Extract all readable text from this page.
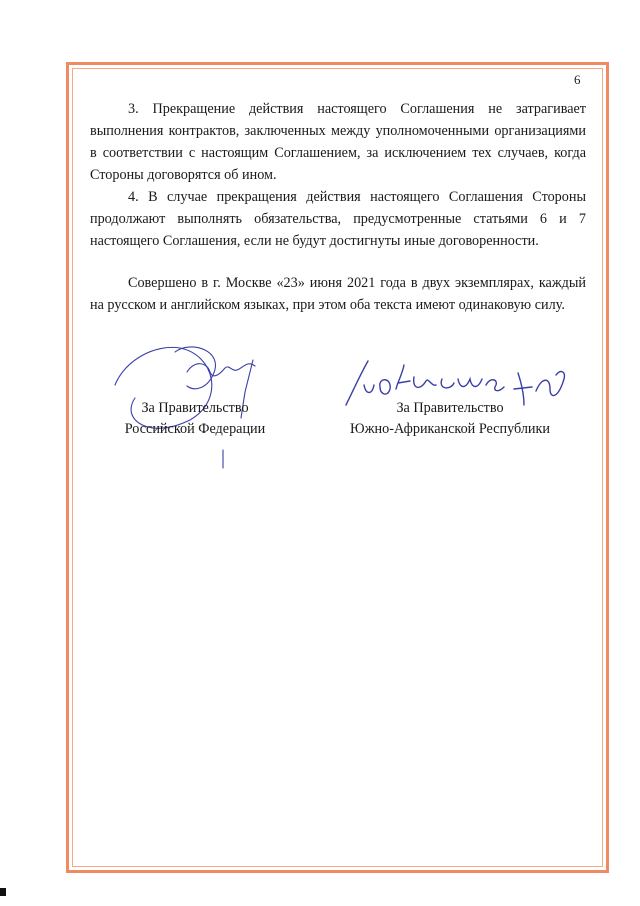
6

3. Прекращение действия настоящего Соглашения не затрагивает выполнения контрактов, заключенных между уполномоченными организациями в соответствии с настоящим Соглашением, за исключением тех случаев, когда Стороны договорятся об ином.

4. В случае прекращения действия настоящего Соглашения Стороны продолжают выполнять обязательства, предусмотренные статьями 6 и 7 настоящего Соглашения, если не будут достигнуты иные договоренности.

Совершено в г. Москве «23» июня 2021 года в двух экземплярах, каждый на русском и английском языках, при этом оба текста имеют одинаковую силу.

За Правительство
Российской Федерации
За Правительство
Южно-Африканской Республики
